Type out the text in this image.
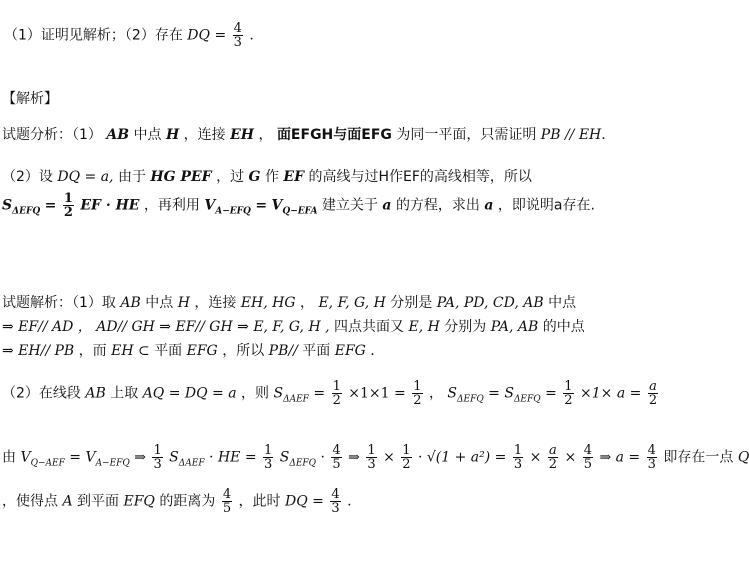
（1）证明见解析；（2）存在 DQ = $\frac{4}{3}$ .
【解析】
试题分析：（1） AB 中点 H ，连接 EH ， 面EFGH与面EFG 为同一平面，只需证明 PB // EH.
（2）设 DQ = a, 由于 HG PEF ，过 G 作 EF 的高线与过H作EF的高线相等，所以
$S_{\Delta EFQ} = \frac{1}{2}$ EF · HE ，再利用 $V_{A-EFQ} = V_{Q-EFA}$ 建立关于 a 的方程，求出 a ，即说明a存在.
试题解析：（1）取 AB 中点 H ，连接 EH, HG ， E, F, G, H 分别是 PA, PD, CD, AB 中点
⇒ EF// AD ， AD// GH ⇒ EF// GH ⇒ E, F, G, H , 四点共面又 E, H 分别为 PA, AB 的中点
⇒ EH// PB ，而 EH ⊂ 平面 EFG ，所以 PB// 平面 EFG .
（2）在线段 AB 上取 AQ = DQ = a ，则 $S_{\Delta AEF} = \frac{1}{2} \times 1\times 1 = \frac{1}{2}$ ， $S_{\Delta EFQ} = S_{\Delta EFQ} = \frac{1}{2} \times 1\times a = \frac{a}{2}$
由 $V_{Q-AEF} = V_{A-EFQ}$ ⇒ $\frac{1}{3} S_{\Delta AEF}$ · HE = $\frac{1}{3} S_{\Delta EFQ} \cdot \frac{4}{5}$ ⇒ $\frac{1}{3} \times \frac{1}{2} \cdot √(1 + a^2) = \frac{1}{3} \times \frac{a}{2} \times \frac{4}{5}$ ⇒ $a = \frac{4}{3}$ 即存在一点 Q
，使得点 A 到平面 EFQ 的距离为 $\frac{4}{5}$ ，此时 DQ = $\frac{4}{3}$ .
